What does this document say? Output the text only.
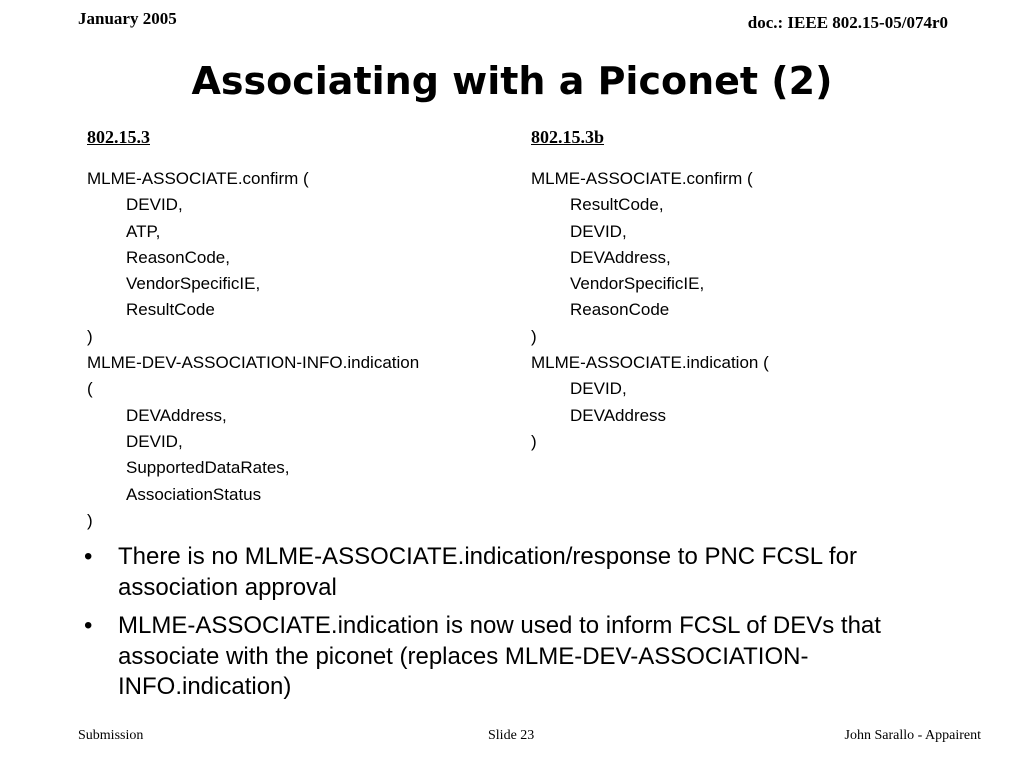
January 2005	doc.: IEEE 802.15-05/074r0
Associating with a Piconet (2)
802.15.3
MLME-ASSOCIATE.confirm (
DEVID,
ATP,
ReasonCode,
VendorSpecificIE,
ResultCode
)
MLME-DEV-ASSOCIATION-INFO.indication
(
DEVAddress,
DEVID,
SupportedDataRates,
AssociationStatus
)
802.15.3b
MLME-ASSOCIATE.confirm (
ResultCode,
DEVID,
DEVAddress,
VendorSpecificIE,
ReasonCode
)
MLME-ASSOCIATE.indication (
DEVID,
DEVAddress
)
• There is no MLME-ASSOCIATE.indication/response to PNC FCSL for association approval
• MLME-ASSOCIATE.indication is now used to inform FCSL of DEVs that associate with the piconet (replaces MLME-DEV-ASSOCIATION-INFO.indication)
Submission	Slide 23	John Sarallo - Appairent
